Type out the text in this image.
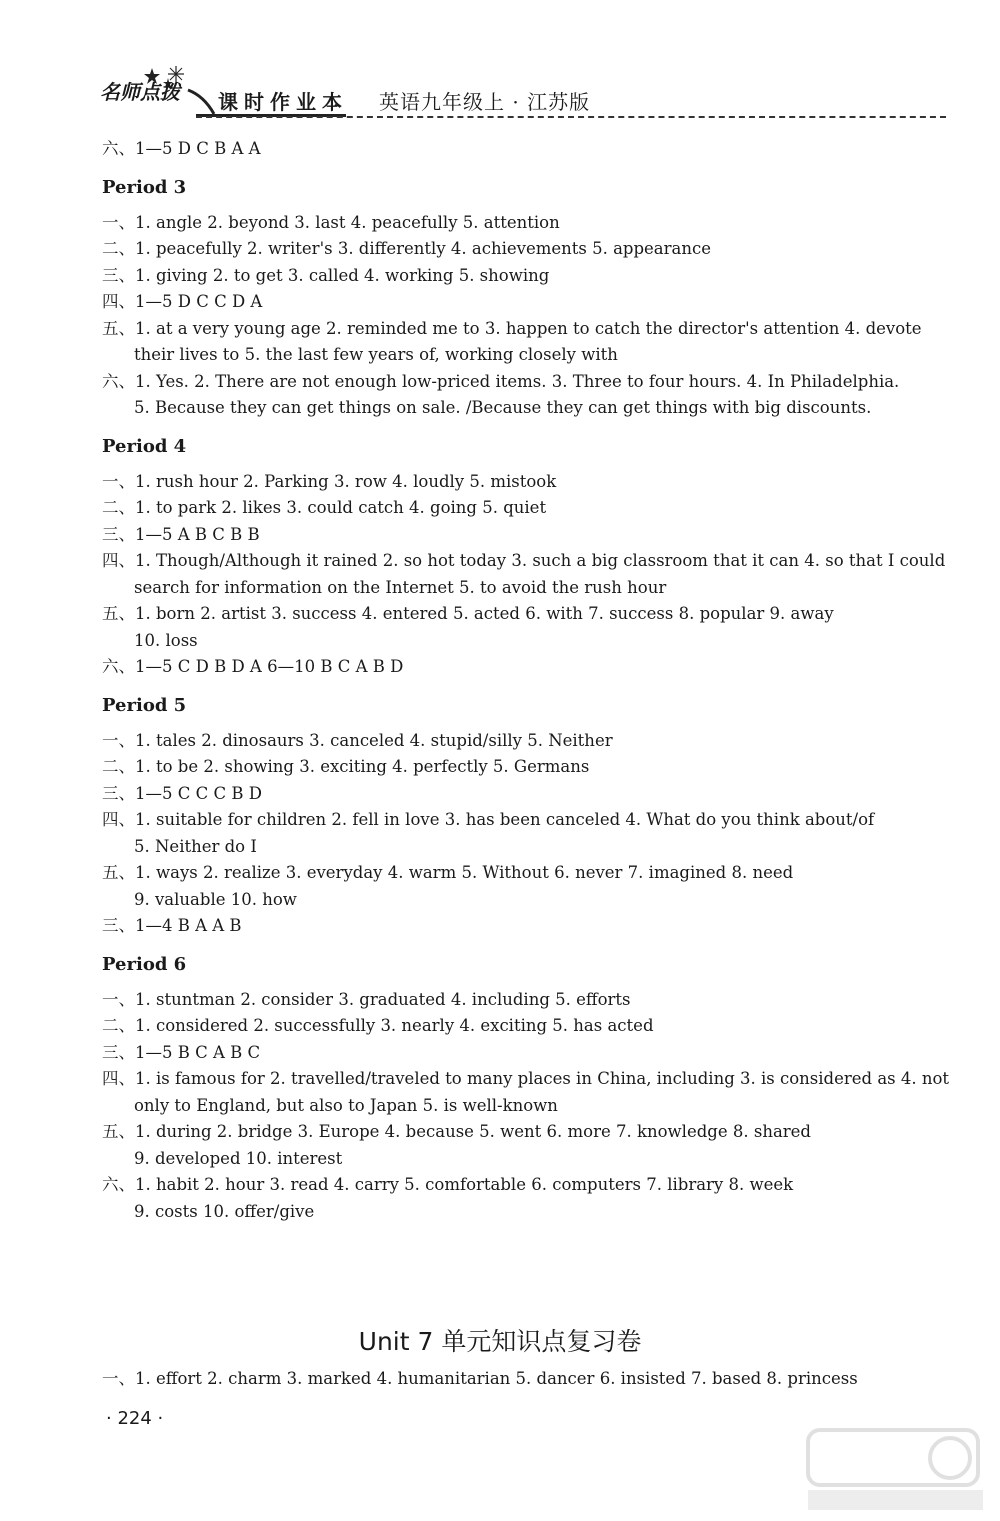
名师点拨 课时作业本 英语九年级上 · 江苏版
六、1—5 D C B A A
Period 3
一、1. angle 2. beyond 3. last 4. peacefully 5. attention
二、1. peacefully 2. writer's 3. differently 4. achievements 5. appearance
三、1. giving 2. to get 3. called 4. working 5. showing
四、1—5 D C C D A
五、1. at a very young age 2. reminded me to 3. happen to catch the director's attention 4. devote
their lives to 5. the last few years of, working closely with
六、1. Yes. 2. There are not enough low-priced items. 3. Three to four hours. 4. In Philadelphia.
5. Because they can get things on sale. /Because they can get things with big discounts.
Period 4
一、1. rush hour 2. Parking 3. row 4. loudly 5. mistook
二、1. to park 2. likes 3. could catch 4. going 5. quiet
三、1—5 A B C B B
四、1. Though/Although it rained 2. so hot today 3. such a big classroom that it can 4. so that I could
search for information on the Internet 5. to avoid the rush hour
五、1. born 2. artist 3. success 4. entered 5. acted 6. with 7. success 8. popular 9. away
10. loss
六、1—5 C D B D A 6—10 B C A B D
Period 5
一、1. tales 2. dinosaurs 3. canceled 4. stupid/silly 5. Neither
二、1. to be 2. showing 3. exciting 4. perfectly 5. Germans
三、1—5 C C C B D
四、1. suitable for children 2. fell in love 3. has been canceled 4. What do you think about/of
5. Neither do I
五、1. ways 2. realize 3. everyday 4. warm 5. Without 6. never 7. imagined 8. need
9. valuable 10. how
三、1—4 B A A B
Period 6
一、1. stuntman 2. consider 3. graduated 4. including 5. efforts
二、1. considered 2. successfully 3. nearly 4. exciting 5. has acted
三、1—5 B C A B C
四、1. is famous for 2. travelled/traveled to many places in China, including 3. is considered as 4. not
only to England, but also to Japan 5. is well-known
五、1. during 2. bridge 3. Europe 4. because 5. went 6. more 7. knowledge 8. shared
9. developed 10. interest
六、1. habit 2. hour 3. read 4. carry 5. comfortable 6. computers 7. library 8. week
9. costs 10. offer/give
Unit 7 单元知识点复习卷
一、1. effort 2. charm 3. marked 4. humanitarian 5. dancer 6. insisted 7. based 8. princess
· 224 ·
